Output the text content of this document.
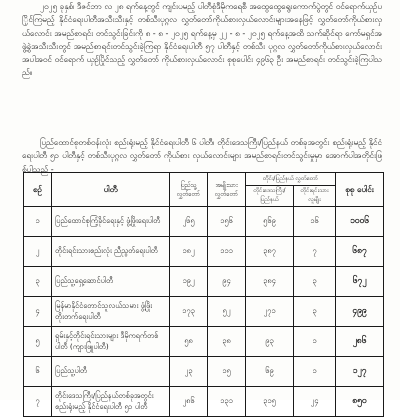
၂၀၂၅ ခုနှစ်၊ ဒီဇင်ဘာ လ ၂၈ ရက်နေ့တွင် ကျင်းပမည့် ပါတီစုံဒီမိုကရေစီ အထွေထွေရွေးကောက်ပွဲတွင် ဝင်ရောက်ယှဉ်ပြိုင်ကြမည့် နိုင်ငံရေးပါတီအသီးသီးနှင့် တစ်သီးပုဂ္ဂလ လွှတ်တော်ကိုယ်စားလှယ်လောင်းများအနေဖြင့် လွှတ်တော်ကိုယ်စားလှယ်လောင်း အမည်စာရင်း တင်သွင်းခြင်းကို ၈ - ၈ - ၂၀၂၅ ရက်နေ့မှ ၂၂ - ၈ - ၂၀၂၅ ရက်နေ့အထိ သက်ဆိုင်ရာ ကော်မရှင်အဖွဲ့ခွဲအသီးသီးတွင် အမည်စာရင်းတင်သွင်းခဲ့ကြရာ နိုင်ငံရေးပါတီ ၅၇ ပါတီနှင့် တစ်သီး ပုဂ္ဂလ လွှတ်တော်ကိုယ်စားလှယ်လောင်း အပါအဝင် ဝင်ရောက် ယှဉ်ပြိုင်သည့် လွှတ်တော် ကိုယ်စားလှယ်လောင်း စုစုပေါင်း ၄၉၆၃ ဦး အမည်စာရင်း တင်သွင်းခဲ့ကြပါသည်။
ပြည်ထောင်စုတစ်ဝန်းလုံး စည်းရုံးမည့် နိုင်ငံရေးပါတီ ၆ ပါတီ၊ တိုင်းဒေသကြီး/ပြည်နယ် တစ်ခုအတွင်း စည်းရုံးမည့် နိုင်ငံရေးပါတီ ၅၁ ပါတီနှင့် တစ်သီးပုဂ္ဂလ လွှတ်တော် ကိုယ်စား လှယ်လောင်းများ အမည်စာရင်းတင်သွင်းမှုမှာ အောက်ပါအတိုင်းဖြစ်ပါသည် -
စဉ်	ပါတီ	ပြည်သူ့ လွှတ်တော်	အမျိုးသား လွှတ်တော်	တိုင်း/ပြည်နယ် လွှတ်တော်		စုစု ပေါင်း
				တိုင်းဒေသကြီး/ ပြည်နယ်	တိုင်းရင်းသား လူမျိုး	
၁	ပြည်ထောင်စုကြံ့ခိုင်ရေးနှင့် ဖွံ့ဖြိုးရေးပါတီ	၂၆၅	၁၅၆	၅၆၉	၁၆	၁၀၀၆
၂	တိုင်းရင်းသားစည်းလုံး ညီညွတ်ရေးပါတီ	၁၈၂	၁၁၁	၃၈၇	၇	၆၈၇
၃	ပြည်သူ့ရှေ့ဆောင်ပါတီ	၁၉၂	၉၄	၃၈၄	၃	၆၇၂
၄	မြန်မာနိုင်ငံတောင်သူလယ်သမား ဖွံ့ဖြိုးတိုးတက်ရေးပါတီ	၁၇၃	၅၂	၂၇၁	၃	၄၉၉
၅	ရှမ်းနှင့်တိုင်းရင်းသားများ ဒီမိုကရက်တစ်ပါတီ (ကျားဖြူပါတီ)	၅၈	၃၈	၉၃	၁	၂၈၆
၆	ပြည်သူ့ပါတီ	၂၃	၁၅	၆၉	၁	၁၂၇
၇	တိုင်းဒေသကြီး/ပြည်နယ်တစ်ခုအတွင်း စည်းရုံးမည့် နိုင်ငံရေးပါတီ ၅၁ ပါတီ	၂၈၆	၁၃၁	၃၁၅	၂၄	၈၅၀
